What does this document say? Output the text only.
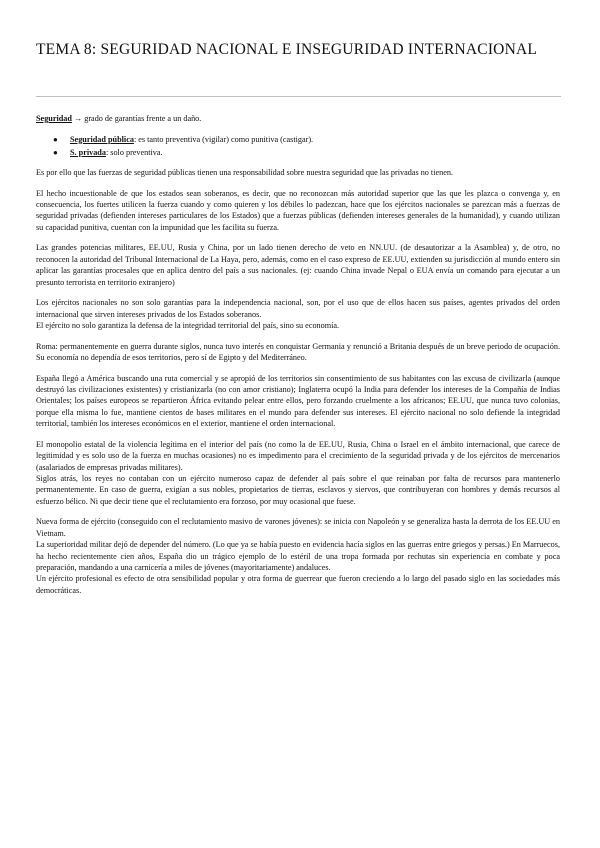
TEMA 8: SEGURIDAD NACIONAL E INSEGURIDAD INTERNACIONAL

Seguridad → grado de garantías frente a un daño.

● Seguridad pública: es tanto preventiva (vigilar) como punitiva (castigar).
● S. privada: solo preventiva.

Es por ello que las fuerzas de seguridad públicas tienen una responsabilidad sobre nuestra seguridad que las privadas no tienen.

El hecho incuestionable de que los estados sean soberanos, es decir, que no reconozcan más autoridad superior que las que les plazca o convenga y, en consecuencia, los fuertes utilicen la fuerza cuando y como quieren y los débiles lo padezcan, hace que los ejércitos nacionales se parezcan más a fuerzas de seguridad privadas (defienden intereses particulares de los Estados) que a fuerzas públicas (defienden intereses generales de la humanidad), y cuando utilizan su capacidad punitiva, cuentan con la impunidad que les facilita su fuerza.

Las grandes potencias militares, EE.UU, Rusia y China, por un lado tienen derecho de veto en NN.UU. (de desautorizar a la Asamblea) y, de otro, no reconocen la autoridad del Tribunal Internacional de La Haya, pero, además, como en el caso expreso de EE.UU, extienden su jurisdicción al mundo entero sin aplicar las garantías procesales que en aplica dentro del país a sus nacionales. (ej: cuando China invade Nepal o EUA envía un comando para ejecutar a un presunto terrorista en territorio extranjero)

Los ejércitos nacionales no son solo garantías para la independencia nacional, son, por el uso que de ellos hacen sus países, agentes privados del orden internacional que sirven intereses privados de los Estados soberanos.
El ejército no solo garantiza la defensa de la integridad territorial del país, sino su economía.

Roma: permanentemente en guerra durante siglos, nunca tuvo interés en conquistar Germania y renunció a Britania después de un breve periodo de ocupación. Su economía no dependía de esos territorios, pero sí de Egipto y del Mediterráneo.

España llegó a América buscando una ruta comercial y se apropió de los territorios sin consentimiento de sus habitantes con las excusa de civilizarla (aunque destruyó las civilizaciones existentes) y cristianizarla (no con amor cristiano); Inglaterra ocupó la India para defender los intereses de la Compañía de Indias Orientales; los países europeos se repartieron África evitando pelear entre ellos, pero forzando cruelmente a los africanos; EE.UU, que nunca tuvo colonias, porque ella misma lo fue, mantiene cientos de bases militares en el mundo para defender sus intereses. El ejército nacional no solo defiende la integridad territorial, también los intereses económicos en el exterior, mantiene el orden internacional.

El monopolio estatal de la violencia legítima en el interior del país (no como la de EE.UU, Rusia, China o Israel en el ámbito internacional, que carece de legitimidad y es solo uso de la fuerza en muchas ocasiones) no es impedimento para el crecimiento de la seguridad privada y de los ejércitos de mercenarios (asalariados de empresas privadas militares).
Siglos atrás, los reyes no contaban con un ejército numeroso capaz de defender al país sobre el que reinaban por falta de recursos para mantenerlo permanentemente. En caso de guerra, exigían a sus nobles, propietarios de tierras, esclavos y siervos, que contribuyeran con hombres y demás recursos al esfuerzo bélico. Ni que decir tiene que el reclutamiento era forzoso, por muy ocasional que fuese.

Nueva forma de ejército (conseguido con el reclutamiento masivo de varones jóvenes): se inicia con Napoleón y se generaliza hasta la derrota de los EE.UU en Vietnam.
La superioridad militar dejó de depender del número. (Lo que ya se había puesto en evidencia hacía siglos en las guerras entre griegos y persas.) En Marruecos, ha hecho recientemente cien años, España dio un trágico ejemplo de lo estéril de una tropa formada por rechutas sin experiencia en combate y poca preparación, mandando a una carnicería a miles de jóvenes (mayoritariamente) andaluces.
Un ejército profesional es efecto de otra sensibilidad popular y otra forma de guerrear que fueron creciendo a lo largo del pasado siglo en las sociedades más democráticas.
